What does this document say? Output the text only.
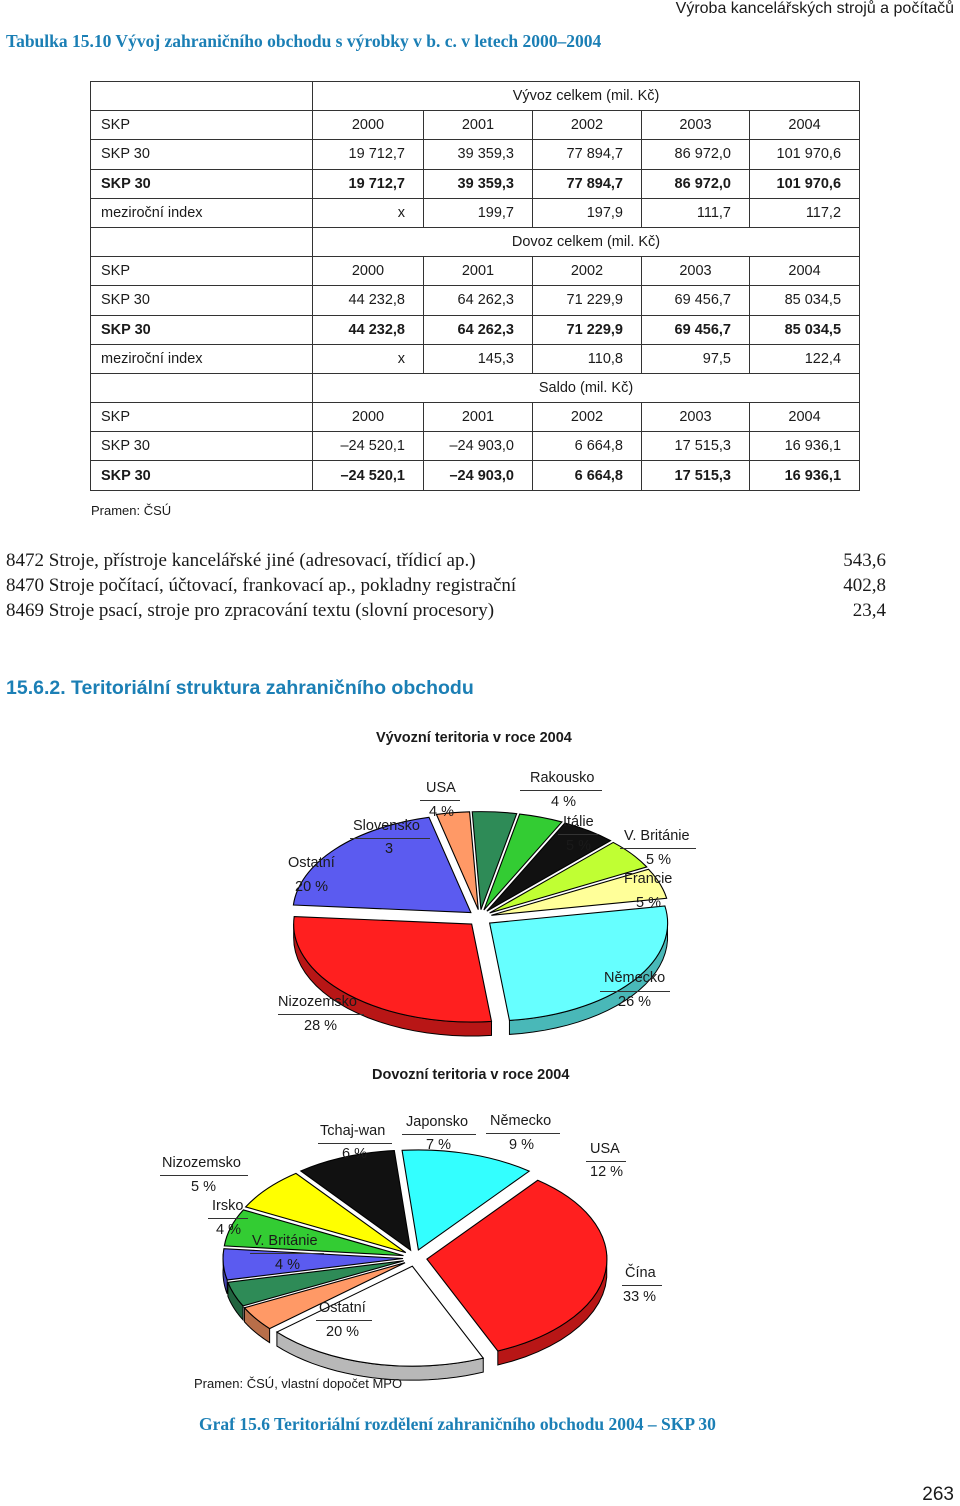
Výroba kancelářských strojů a počítačů
Tabulka 15.10 Vývoj zahraničního obchodu s výrobky v b. c. v letech 2000–2004
	Vývoz celkem (mil. Kč)				
SKP	2000	2001	2002	2003	2004
SKP 30	19 712,7	39 359,3	77 894,7	86 972,0	101 970,6
SKP 30	19 712,7	39 359,3	77 894,7	86 972,0	101 970,6
meziroční index	x	199,7	197,9	111,7	117,2
	Dovoz celkem (mil. Kč)				
SKP	2000	2001	2002	2003	2004
SKP 30	44 232,8	64 262,3	71 229,9	69 456,7	85 034,5
SKP 30	44 232,8	64 262,3	71 229,9	69 456,7	85 034,5
meziroční index	x	145,3	110,8	97,5	122,4
	Saldo (mil. Kč)				
SKP	2000	2001	2002	2003	2004
SKP 30	–24 520,1	–24 903,0	6 664,8	17 515,3	16 936,1
SKP 30	–24 520,1	–24 903,0	6 664,8	17 515,3	16 936,1
Pramen: ČSÚ
8472 Stroje, přístroje kancelářské jiné (adresovací, třídicí ap.)	543,6
8470 Stroje počítací, účtovací, frankovací ap., pokladny registrační	402,8
8469 Stroje psací, stroje pro zpracování textu (slovní procesory)	23,4
15.6.2. Teritoriální struktura zahraničního obchodu
Vývozní teritoria v roce 2004
Dovozní teritoria v roce 2004
Německo
26 %
Nizozemsko
28 %
Ostatní
20 %
Slovensko
3
USA
4 %
Rakousko
4 %
Itálie
5 %
V. Británie
5 %
Francie
5 %
Čína
33 %
Ostatní
20 %
V. Británie
4 %
Irsko
4 %
Nizozemsko
5 %
Tchaj-wan
6 %
Japonsko
7 %
Německo
9 %	USA
12 %
Pramen: ČSÚ, vlastní dopočet MPO
Graf 15.6 Teritoriální rozdělení zahraničního obchodu 2004 – SKP 30
263
